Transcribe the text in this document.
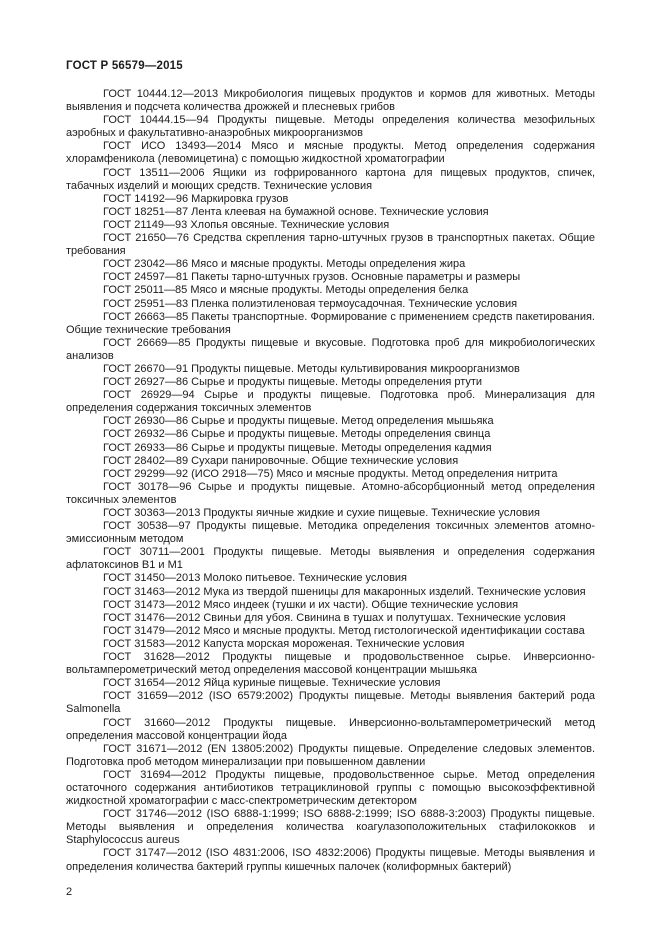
ГОСТ Р 56579—2015

ГОСТ 10444.12—2013 Микробиология пищевых продуктов и кормов для животных. Методы выявления и подсчета количества дрожжей и плесневых грибов

ГОСТ 10444.15—94 Продукты пищевые. Методы определения количества мезофильных аэробных и факультативно-анаэробных микроорганизмов

ГОСТ ИСО 13493—2014 Мясо и мясные продукты. Метод определения содержания хлорамфеникола (левомицетина) с помощью жидкостной хроматографии

ГОСТ 13511—2006 Ящики из гофрированного картона для пищевых продуктов, спичек, табачных изделий и моющих средств. Технические условия

ГОСТ 14192—96 Маркировка грузов

ГОСТ 18251—87 Лента клеевая на бумажной основе. Технические условия

ГОСТ 21149—93 Хлопья овсяные. Технические условия

ГОСТ 21650—76 Средства скрепления тарно-штучных грузов в транспортных пакетах. Общие требования

ГОСТ 23042—86 Мясо и мясные продукты. Методы определения жира

ГОСТ 24597—81 Пакеты тарно-штучных грузов. Основные параметры и размеры

ГОСТ 25011—85 Мясо и мясные продукты. Методы определения белка

ГОСТ 25951—83 Пленка полиэтиленовая термоусадочная. Технические условия

ГОСТ 26663—85 Пакеты транспортные. Формирование с применением средств пакетирования. Общие технические требования

ГОСТ 26669—85 Продукты пищевые и вкусовые. Подготовка проб для микробиологических анализов

ГОСТ 26670—91 Продукты пищевые. Методы культивирования микроорганизмов

ГОСТ 26927—86 Сырье и продукты пищевые. Методы определения ртути

ГОСТ 26929—94 Сырье и продукты пищевые. Подготовка проб. Минерализация для определения содержания токсичных элементов

ГОСТ 26930—86 Сырье и продукты пищевые. Метод определения мышьяка

ГОСТ 26932—86 Сырье и продукты пищевые. Методы определения свинца

ГОСТ 26933—86 Сырье и продукты пищевые. Методы определения кадмия

ГОСТ 28402—89 Сухари панировочные. Общие технические условия

ГОСТ 29299—92 (ИСО 2918—75) Мясо и мясные продукты. Метод определения нитрита

ГОСТ 30178—96 Сырье и продукты пищевые. Атомно-абсорбционный метод определения токсичных элементов

ГОСТ 30363—2013 Продукты яичные жидкие и сухие пищевые. Технические условия

ГОСТ 30538—97 Продукты пищевые. Методика определения токсичных элементов атомно-эмиссионным методом

ГОСТ 30711—2001 Продукты пищевые. Методы выявления и определения содержания афлатоксинов B1 и M1

ГОСТ 31450—2013 Молоко питьевое. Технические условия

ГОСТ 31463—2012 Мука из твердой пшеницы для макаронных изделий. Технические условия

ГОСТ 31473—2012 Мясо индеек (тушки и их части). Общие технические условия

ГОСТ 31476—2012 Свиньи для убоя. Свинина в тушах и полутушах. Технические условия

ГОСТ 31479—2012 Мясо и мясные продукты. Метод гистологической идентификации состава

ГОСТ 31583—2012 Капуста морская мороженая. Технические условия

ГОСТ 31628—2012 Продукты пищевые и продовольственное сырье. Инверсионно-вольтамперометрический метод определения массовой концентрации мышьяка

ГОСТ 31654—2012 Яйца куриные пищевые. Технические условия

ГОСТ 31659—2012 (ISO 6579:2002) Продукты пищевые. Методы выявления бактерий рода Salmonella

ГОСТ 31660—2012 Продукты пищевые. Инверсионно-вольтамперометрический метод определения массовой концентрации йода

ГОСТ 31671—2012 (EN 13805:2002) Продукты пищевые. Определение следовых элементов. Подготовка проб методом минерализации при повышенном давлении

ГОСТ 31694—2012 Продукты пищевые, продовольственное сырье. Метод определения остаточного содержания антибиотиков тетрациклиновой группы с помощью высокоэффективной жидкостной хроматографии с масс-спектрометрическим детектором

ГОСТ 31746—2012 (ISO 6888-1:1999; ISO 6888-2:1999; ISO 6888-3:2003) Продукты пищевые. Методы выявления и определения количества коагулазоположительных стафилококков и Staphylococcus aureus

ГОСТ 31747—2012 (ISO 4831:2006, ISO 4832:2006) Продукты пищевые. Методы выявления и определения количества бактерий группы кишечных палочек (колиформных бактерий)

2
